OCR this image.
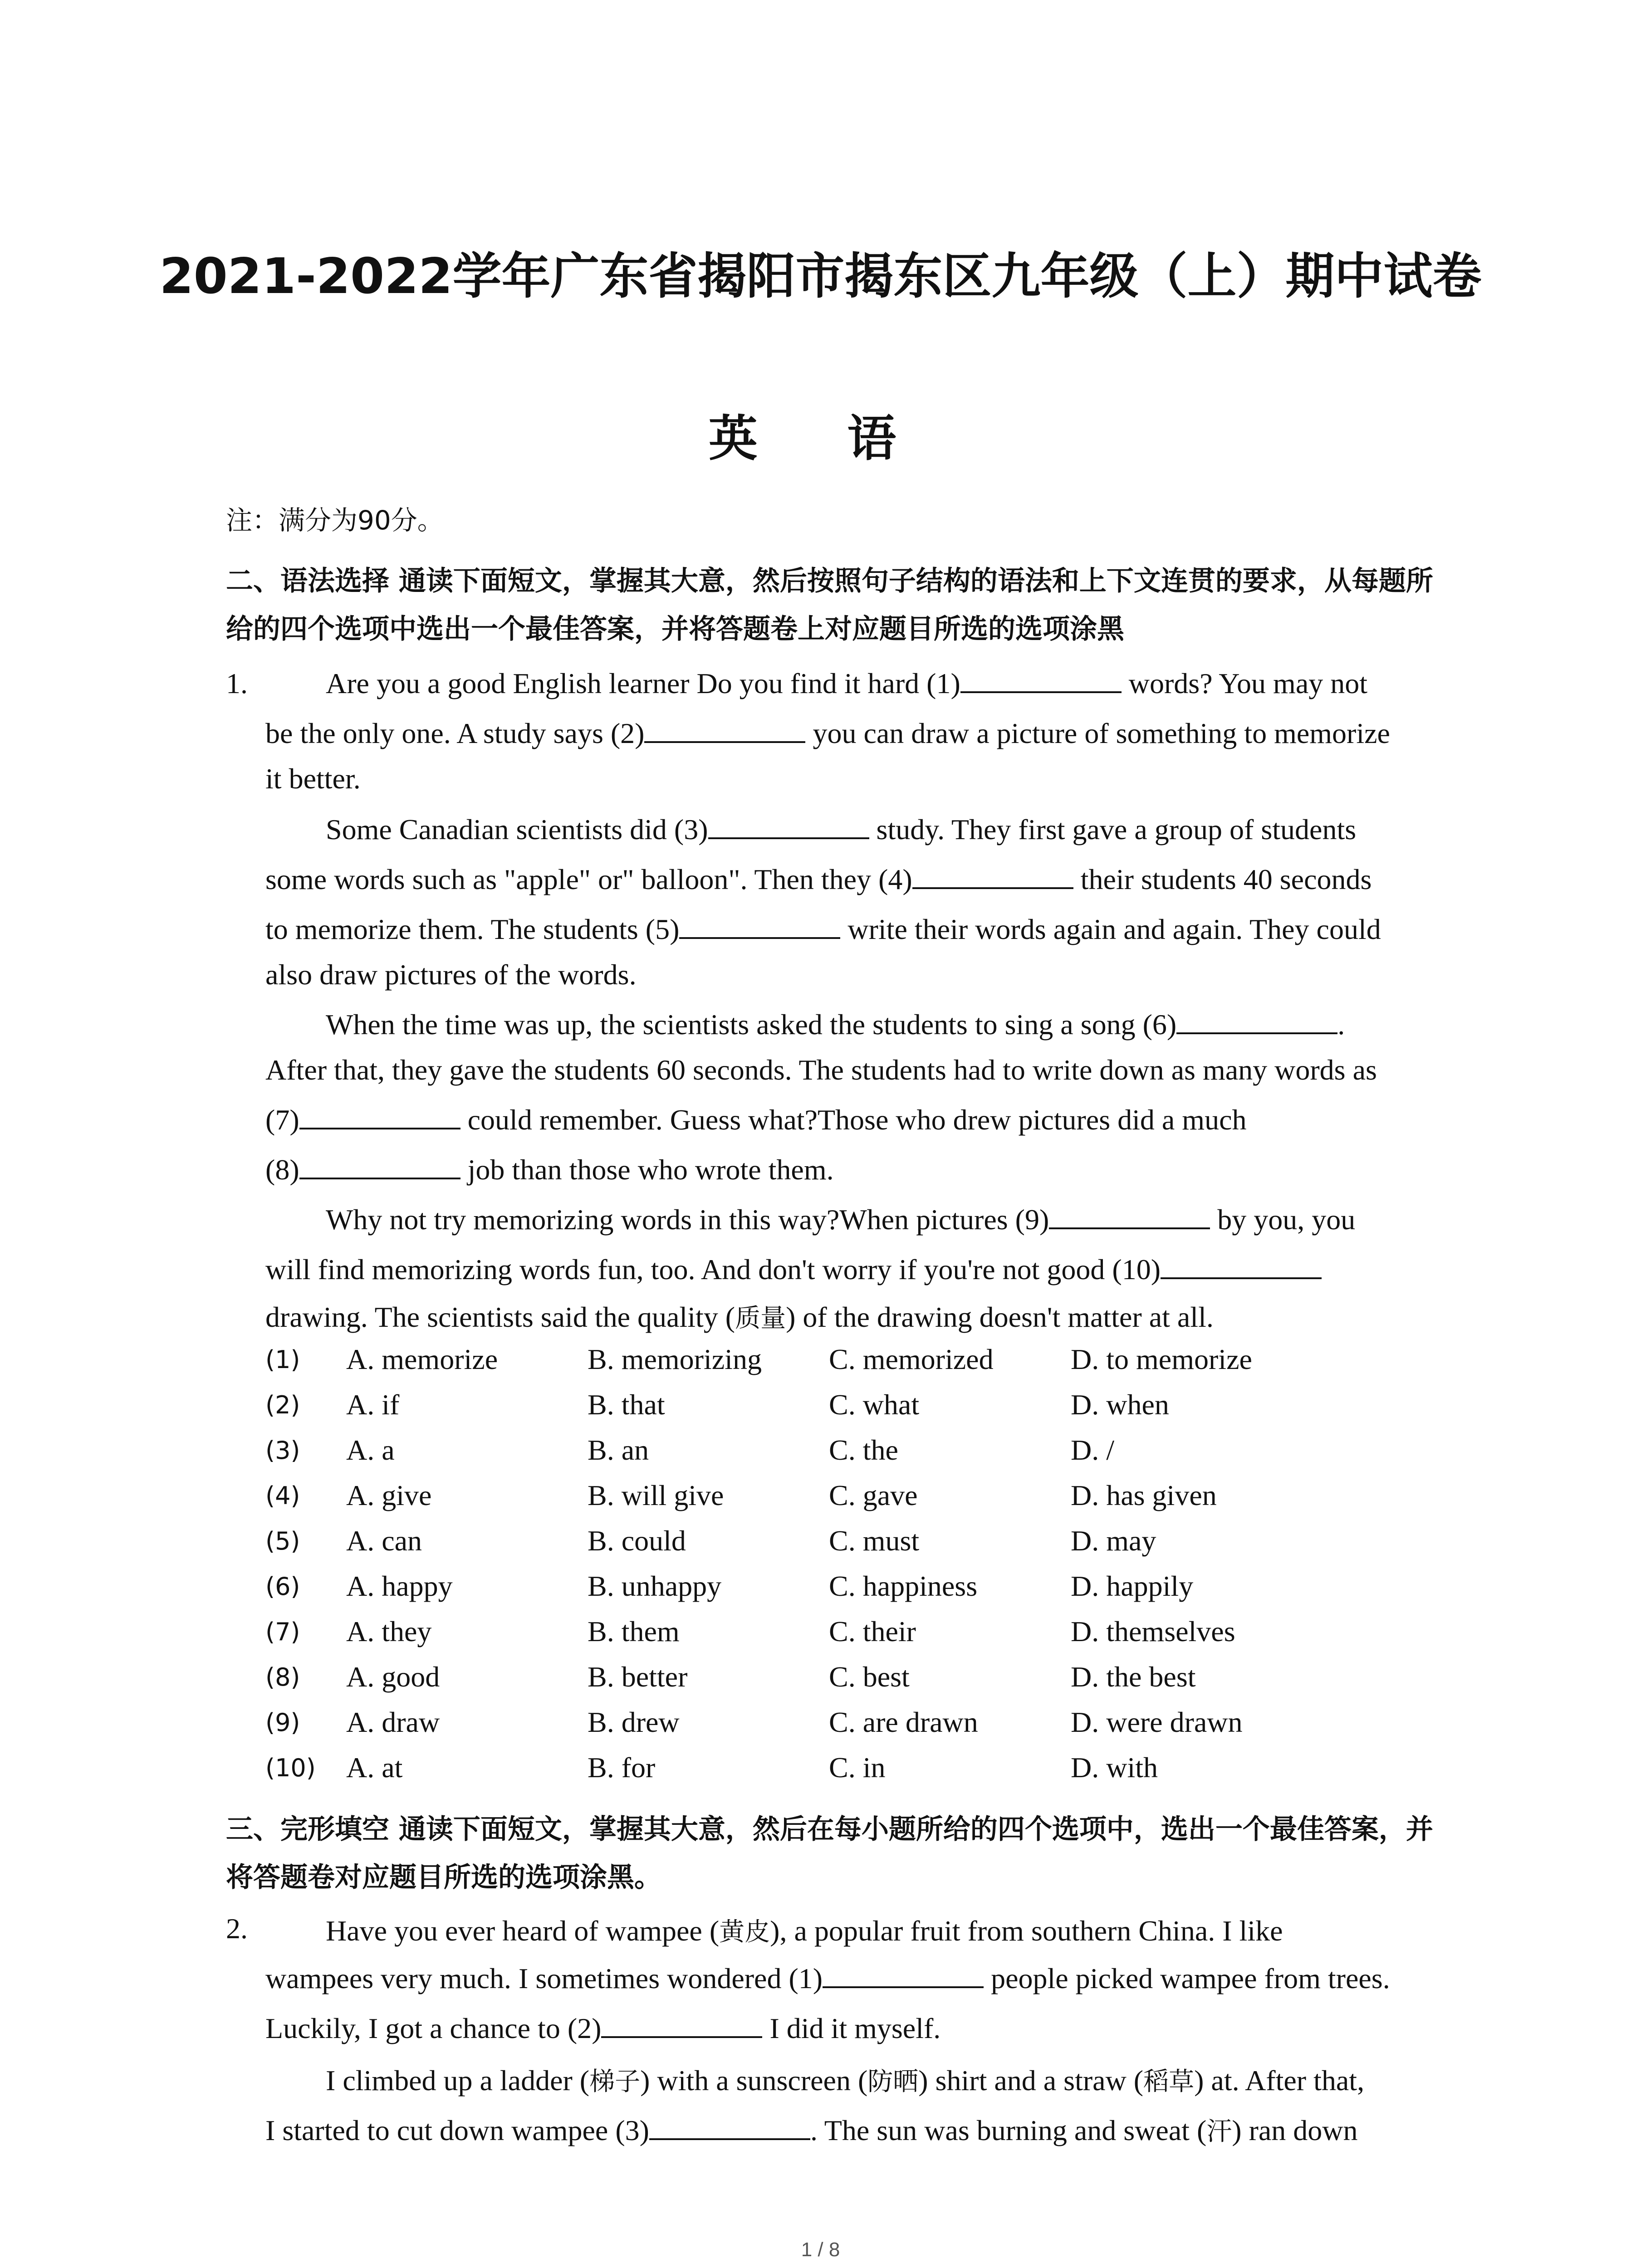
2021-2022学年广东省揭阳市揭东区九年级（上）期中试卷
英 语
注：满分为90分。
二、语法选择 通读下面短文，掌握其大意，然后按照句子结构的语法和上下文连贯的要求，从每题所给的四个选项中选出一个最佳答案，并将答题卷上对应题目所选的选项涂黑
1.	Are you a good English learner Do you find it hard (1)	words? You may not
be the only one. A study says (2)	you can draw a picture of something to memorize
it better.
Some Canadian scientists did (3)	study. They first gave a group of students
some words such as "apple" or" balloon". Then they (4)	their students 40 seconds
to memorize them. The students (5)	write their words again and again. They could
also draw pictures of the words.
When the time was up, the scientists asked the students to sing a song (6)	.
After that, they gave the students 60 seconds. The students had to write down as many words as
(7)	could remember. Guess what?Those who drew pictures did a much
(8)	job than those who wrote them.
Why not try memorizing words in this way?When pictures (9)	by you, you
will find memorizing words fun, too. And don't worry if you're not good (10)
drawing. The scientists said the quality (质量) of the drawing doesn't matter at all.
(1) A. memorize	B. memorizing C. memorized	D. to memorize
(2) A. if	B. that	C. what	D. when
(3) A. a	B. an	C. the	D. /
(4) A. give	B. will give	C. gave	D. has given
(5) A. can	B. could	C. must	D. may
(6) A. happy	B. unhappy	C. happiness	D. happily
(7) A. they	B. them	C. their	D. themselves
(8) A. good	B. better	C. best	D. the best
(9) A. draw	B. drew	C. are drawn	D. were drawn
(10) A. at	B. for	C. in	D. with
三、完形填空 通读下面短文，掌握其大意，然后在每小题所给的四个选项中，选出一个最佳答案，并将答题卷对应题目所选的选项涂黑。
2.	Have you ever heard of wampee (黄皮), a popular fruit from southern China. I like
wampees very much. I sometimes wondered (1)	people picked wampee from trees.
Luckily, I got a chance to (2)	I did it myself.
I climbed up a ladder (梯子) with a sunscreen (防晒) shirt and a straw (稻草) at. After that,
I started to cut down wampee (3)	. The sun was burning and sweat (汗) ran down
1 / 8
